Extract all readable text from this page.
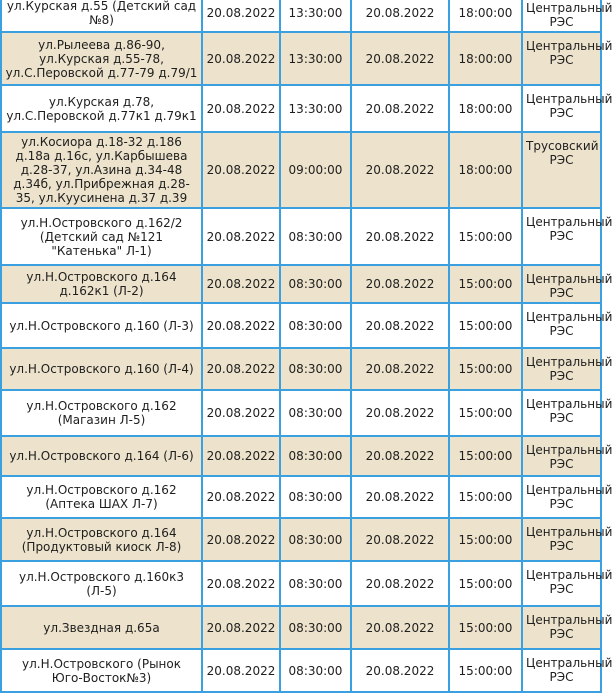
ул.Курская д.55 (Детский сад №8)	20.08.2022	13:30:00	20.08.2022	18:00:00	Центральный РЭС
ул.Рылеева д.86-90, ул.Курская д.55-78, ул.С.Перовской д.77-79 д.79/1	20.08.2022	13:30:00	20.08.2022	18:00:00	Центральный РЭС
ул.Курская д.78, ул.С.Перовской д.77к1 д.79к1	20.08.2022	13:30:00	20.08.2022	18:00:00	Центральный РЭС
ул.Косиора д.18-32 д.186 д.18а д.16с, ул.Карбышева д.28-37, ул.Азина д.34-48 д.34б, ул.Прибрежная д.28-35, ул.Куусинена д.37 д.39	20.08.2022	09:00:00	20.08.2022	18:00:00	Трусовский РЭС
ул.Н.Островского д.162/2 (Детский сад №121 "Катенька" Л-1)	20.08.2022	08:30:00	20.08.2022	15:00:00	Центральный РЭС
ул.Н.Островского д.164 д.162к1 (Л-2)	20.08.2022	08:30:00	20.08.2022	15:00:00	Центральный РЭС
ул.Н.Островского д.160 (Л-3)	20.08.2022	08:30:00	20.08.2022	15:00:00	Центральный РЭС
ул.Н.Островского д.160 (Л-4)	20.08.2022	08:30:00	20.08.2022	15:00:00	Центральный РЭС
ул.Н.Островского д.162 (Магазин Л-5)	20.08.2022	08:30:00	20.08.2022	15:00:00	Центральный РЭС
ул.Н.Островского д.164 (Л-6)	20.08.2022	08:30:00	20.08.2022	15:00:00	Центральный РЭС
ул.Н.Островского д.162 (Аптека ШАХ Л-7)	20.08.2022	08:30:00	20.08.2022	15:00:00	Центральный РЭС
ул.Н.Островского д.164 (Продуктовый киоск Л-8)	20.08.2022	08:30:00	20.08.2022	15:00:00	Центральный РЭС
ул.Н.Островского д.160к3 (Л-5)	20.08.2022	08:30:00	20.08.2022	15:00:00	Центральный РЭС
ул.Звездная д.65а	20.08.2022	08:30:00	20.08.2022	15:00:00	Центральный РЭС
ул.Н.Островского (Рынок Юго-Восток№3)	20.08.2022	08:30:00	20.08.2022	15:00:00	Центральный РЭС
